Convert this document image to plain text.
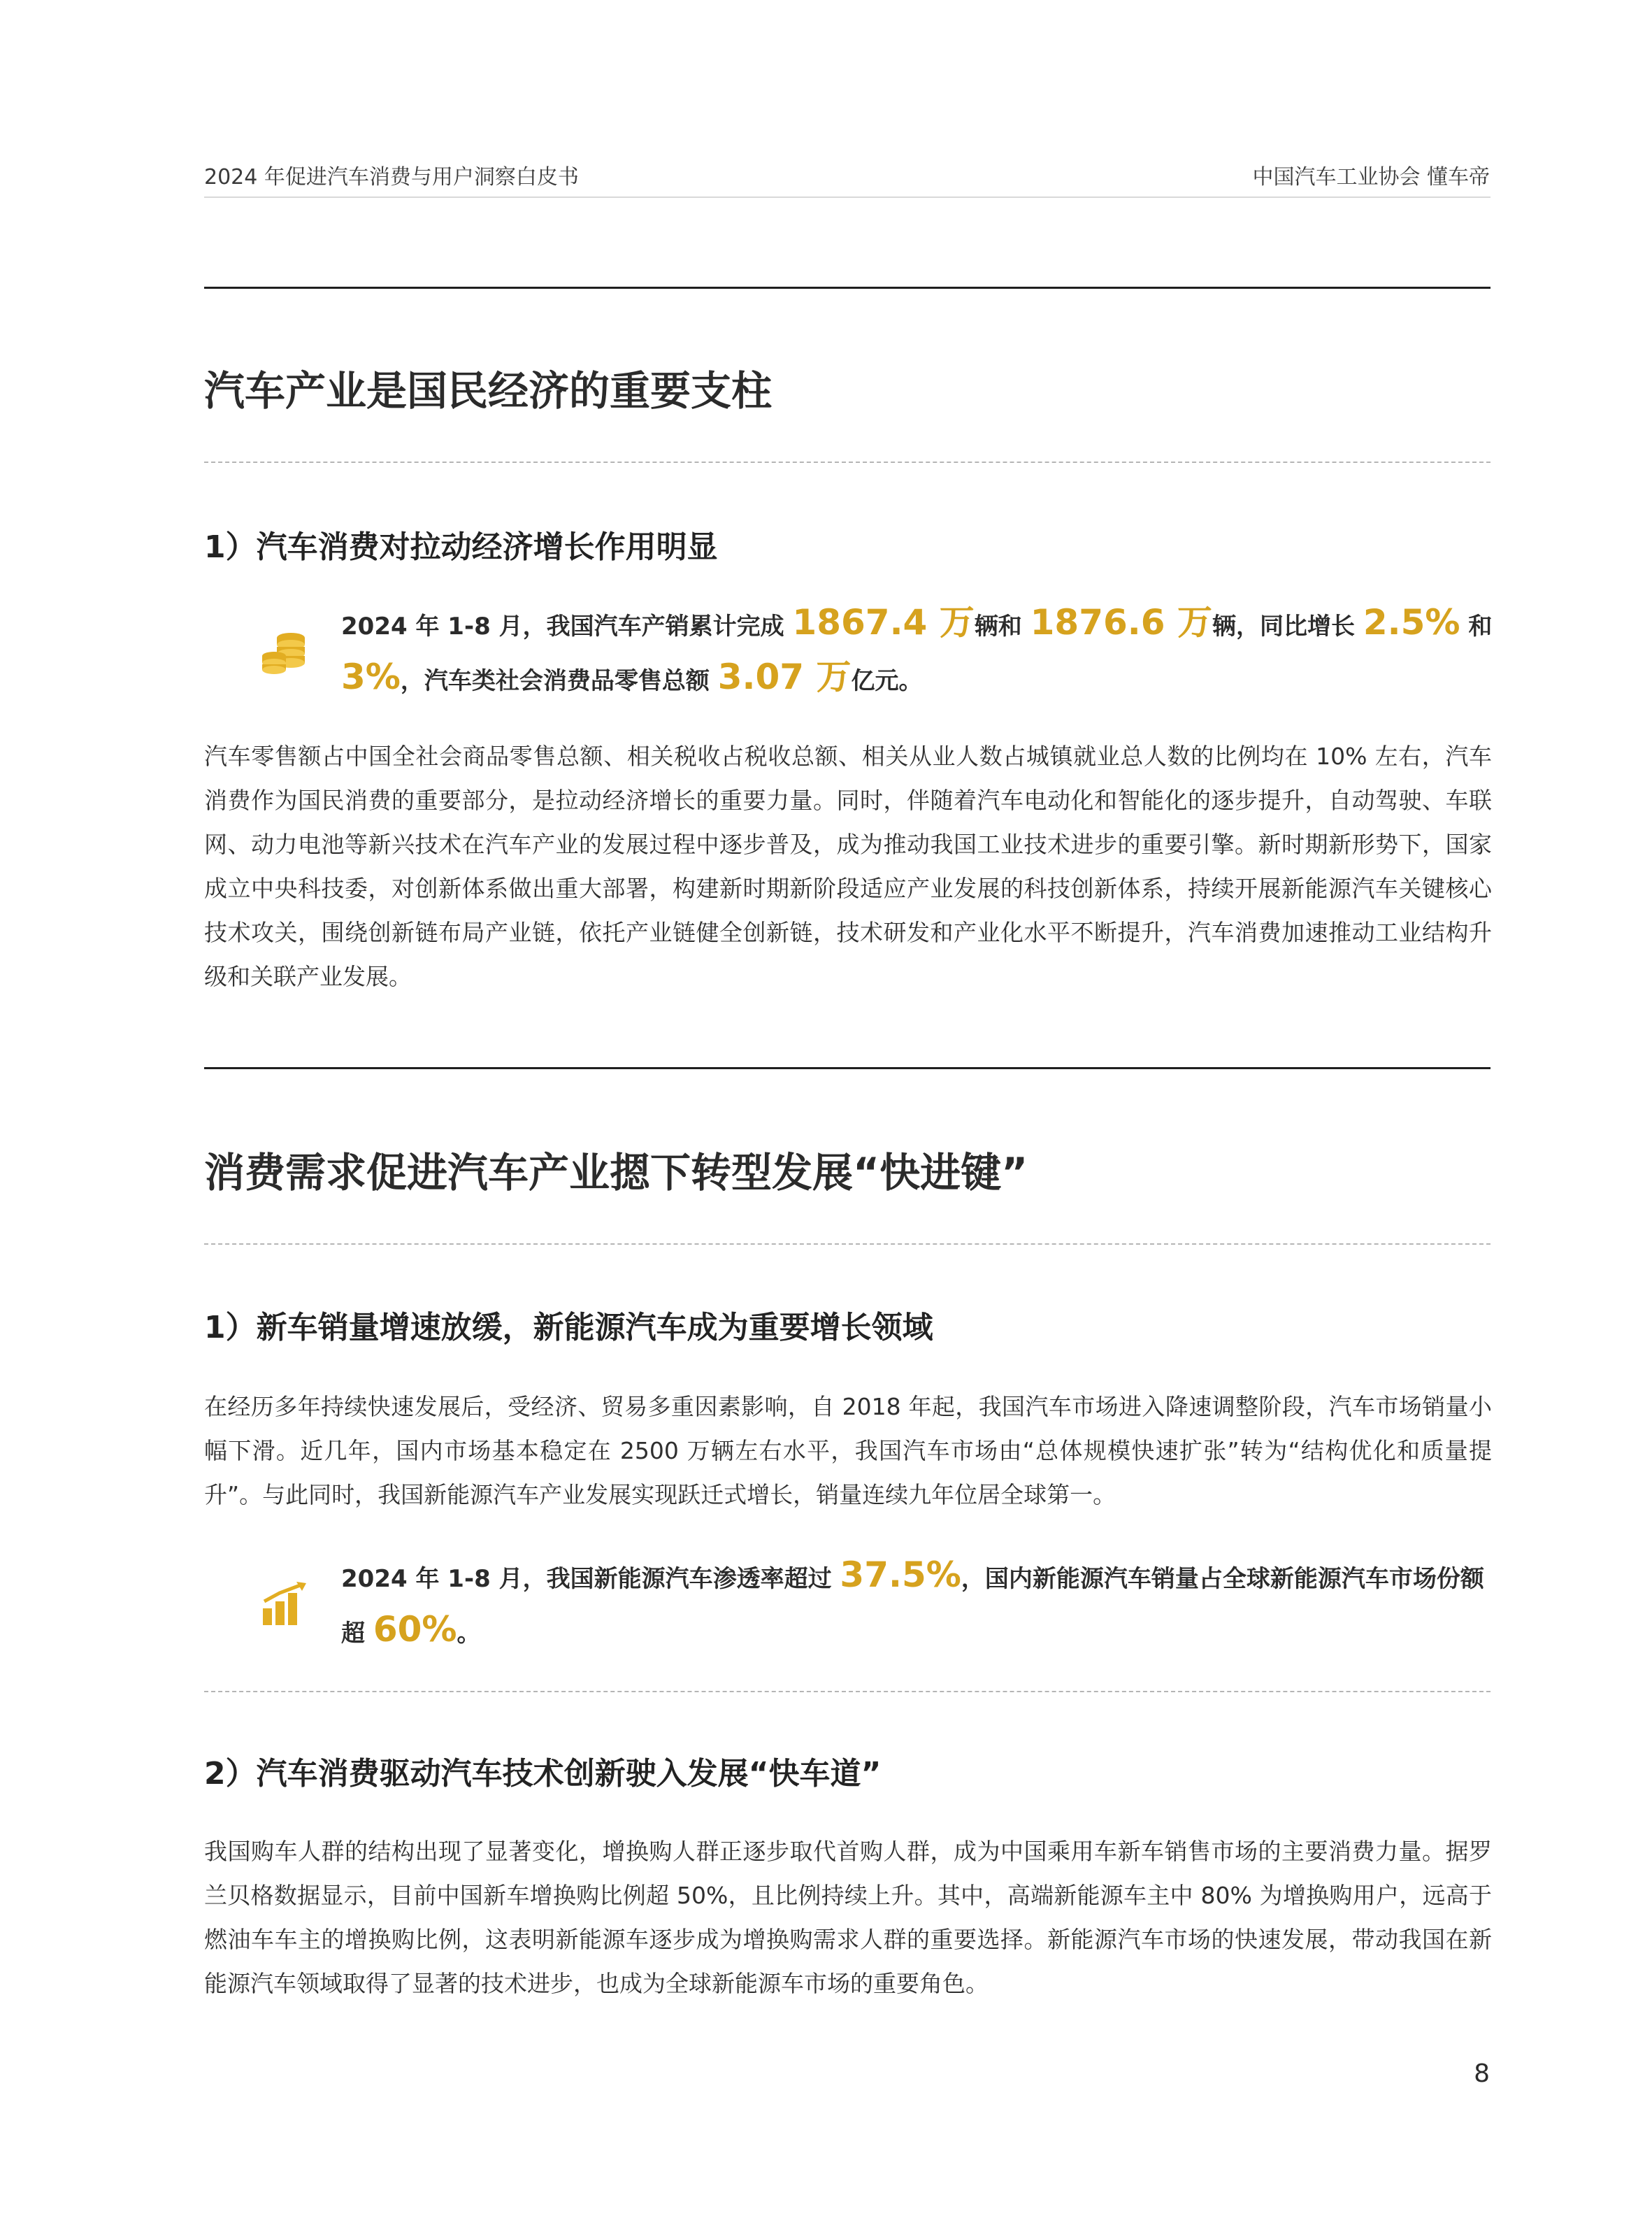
2024 年促进汽车消费与用户洞察白皮书	中国汽车工业协会 懂车帝
汽车产业是国民经济的重要支柱
1）汽车消费对拉动经济增长作用明显
2024 年 1-8 月，我国汽车产销累计完成 1867.4 万辆和 1876.6 万辆，同比增长 2.5% 和 3%，汽车类社会消费品零售总额 3.07 万亿元。

汽车零售额占中国全社会商品零售总额、相关税收占税收总额、相关从业人数占城镇就业总人数的比例均在 10% 左右，汽车消费作为国民消费的重要部分，是拉动经济增长的重要力量。同时，伴随着汽车电动化和智能化的逐步提升，自动驾驶、车联网、动力电池等新兴技术在汽车产业的发展过程中逐步普及，成为推动我国工业技术进步的重要引擎。新时期新形势下，国家成立中央科技委，对创新体系做出重大部署，构建新时期新阶段适应产业发展的科技创新体系，持续开展新能源汽车关键核心技术攻关，围绕创新链布局产业链，依托产业链健全创新链，技术研发和产业化水平不断提升，汽车消费加速推动工业结构升级和关联产业发展。

消费需求促进汽车产业摁下转型发展“快进键”
1）新车销量增速放缓，新能源汽车成为重要增长领域

在经历多年持续快速发展后，受经济、贸易多重因素影响，自 2018 年起，我国汽车市场进入降速调整阶段，汽车市场销量小幅下滑。近几年，国内市场基本稳定在 2500 万辆左右水平，我国汽车市场由“总体规模快速扩张”转为“结构优化和质量提升”。与此同时，我国新能源汽车产业发展实现跃迁式增长，销量连续九年位居全球第一。

2024 年 1-8 月，我国新能源汽车渗透率超过 37.5%，国内新能源汽车销量占全球新能源汽车市场份额超 60%。
2）汽车消费驱动汽车技术创新驶入发展“快车道”

我国购车人群的结构出现了显著变化，增换购人群正逐步取代首购人群，成为中国乘用车新车销售市场的主要消费力量。据罗兰贝格数据显示，目前中国新车增换购比例超 50%，且比例持续上升。其中，高端新能源车主中 80% 为增换购用户，远高于燃油车车主的增换购比例，这表明新能源车逐步成为增换购需求人群的重要选择。新能源汽车市场的快速发展，带动我国在新能源汽车领域取得了显著的技术进步，也成为全球新能源车市场的重要角色。

8
